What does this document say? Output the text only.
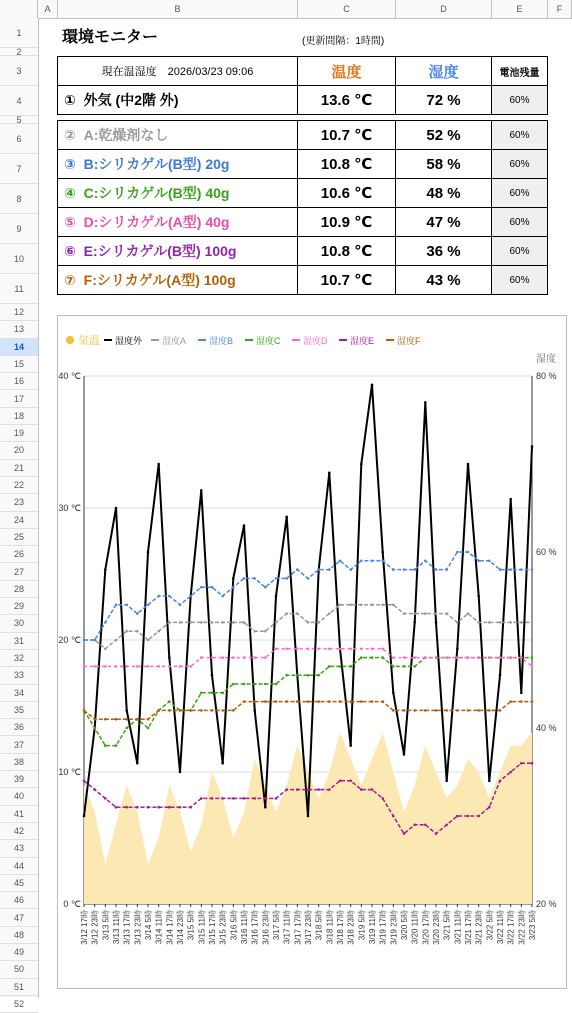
A	B	C	D	E	F
1
2
3
4
5
6
7
8
9
10
11
12
13
14
15
16
17
18
19
20
21
22
23
24
25
26
27
28
29
30
31
32
33
34
35
36
37
38
39
40
41
42
43
44
45
46
47
48
49
50
51
52
環境モニター	(更新間隔：1時間)
現在温湿度　2026/03/23 09:06	温度	湿度	電池残量
① 外気 (中2階 外)	13.6 ℃	72 %	60%

② A:乾燥剤なし	10.7 ℃	52 %	60%
③ B:シリカゲル(B型) 20g	10.8 ℃	58 %	60%
④ C:シリカゲル(B型) 40g	10.6 ℃	48 %	60%
⑤ D:シリカゲル(A型) 40g	10.9 ℃	47 %	60%
⑥ E:シリカゲル(B型) 100g	10.8 ℃	36 %	60%
⑦ F:シリカゲル(A型) 100g	10.7 ℃	43 %	60%
0 ℃
10 ℃
20 ℃
30 ℃
40 ℃
20 %
40 %
60 %
80 %
湿度
3/12 17時 3/12 23時 3/13 5時 3/13 11時 3/13 17時 3/13 23時 3/14 5時 3/14 11時 3/14 17時 3/14 23時 3/15 5時 3/15 11時 3/15 17時 3/15 23時 3/16 5時 3/16 11時 3/16 17時 3/16 23時 3/17 5時 3/17 11時 3/17 17時 3/17 23時 3/18 5時 3/18 11時 3/18 17時 3/18 23時 3/19 5時 3/19 11時 3/19 17時 3/19 23時 3/20 5時 3/20 11時 3/20 17時 3/20 23時 3/21 5時 3/21 11時 3/21 17時 3/21 23時 3/22 5時 3/22 11時 3/22 17時 3/22 23時 3/23 5時
気温 湿度外 湿度A	湿度B	湿度C	湿度D	湿度E	湿度F
